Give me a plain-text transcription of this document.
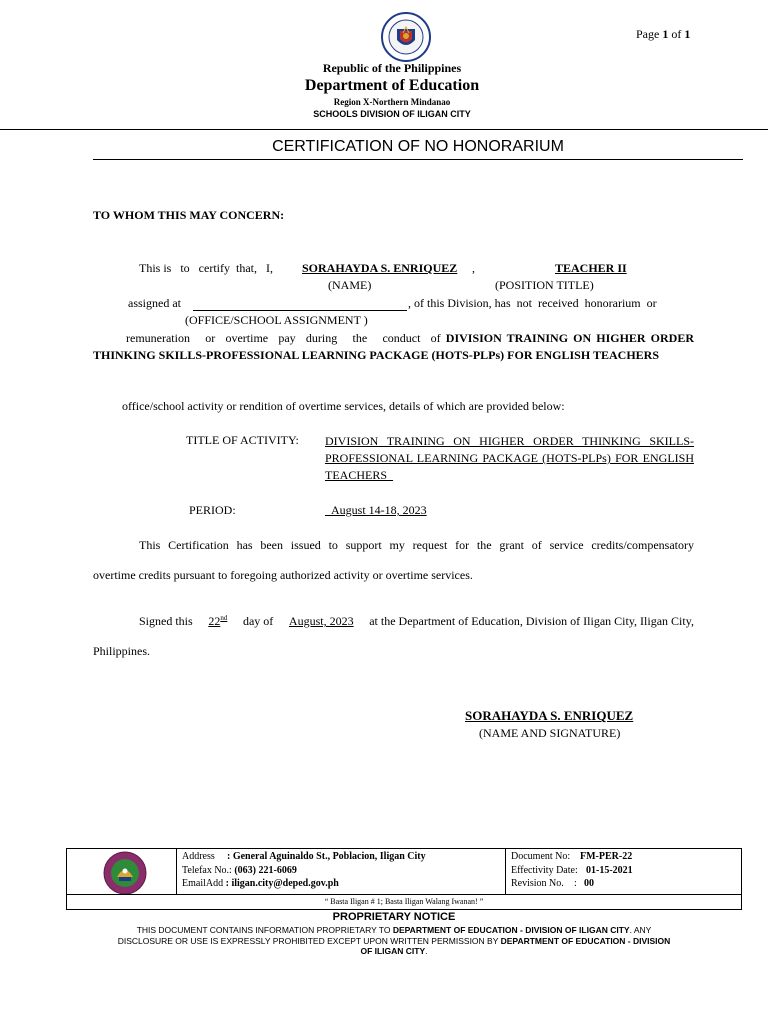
Page 1 of 1
Republic of the Philippines
Department of Education
Region X-Northern Mindanao
SCHOOLS DIVISION OF ILIGAN CITY
CERTIFICATION OF NO HONORARIUM
TO WHOM THIS MAY CONCERN:
This is   to   certify  that,   I, SORAHAYDA S. ENRIQUEZ ,	TEACHER II
(NAME)	(POSITION TITLE)
assigned at	, of this Division, has  not  received  honorarium  or
(OFFICE/SCHOOL ASSIGNMENT )
remuneration   or  overtime  pay  during   the   conduct  of DIVISION TRAINING ON HIGHER ORDER THINKING SKILLS-PROFESSIONAL LEARNING PACKAGE (HOTS-PLPs) FOR ENGLISH TEACHERS
office/school activity or rendition of overtime services, details of which are provided below:
TITLE OF ACTIVITY: DIVISION TRAINING ON HIGHER ORDER THINKING SKILLS-PROFESSIONAL LEARNING PACKAGE (HOTS-PLPs) FOR ENGLISH TEACHERS_
PERIOD:	_August 14-18, 2023
This Certification has been issued to support my request for the grant of service credits/compensatory
overtime credits pursuant to foregoing authorized activity or overtime services.
Signed this 22nd day of August, 2023 at the Department of Education, Division of Iligan City, Iligan City,
Philippines.
SORAHAYDA S. ENRIQUEZ
(NAME AND SIGNATURE)
Address : General Aguinaldo St., Poblacion, Iligan City
Telefax No.: (063) 221-6069
EmailAdd : iligan.city@deped.gov.ph
Document No: FM-PER-22
Effectivity Date: 01-15-2021
Revision No. : 00
“ Basta Iligan # 1; Basta Iligan Walang Iwanan! ”
PROPRIETARY NOTICE
THIS DOCUMENT CONTAINS INFORMATION PROPRIETARY TO DEPARTMENT OF EDUCATION - DIVISION OF ILIGAN CITY. ANY
DISCLOSURE OR USE IS EXPRESSLY PROHIBITED EXCEPT UPON WRITTEN PERMISSION BY DEPARTMENT OF EDUCATION - DIVISION
OF ILIGAN CITY.
